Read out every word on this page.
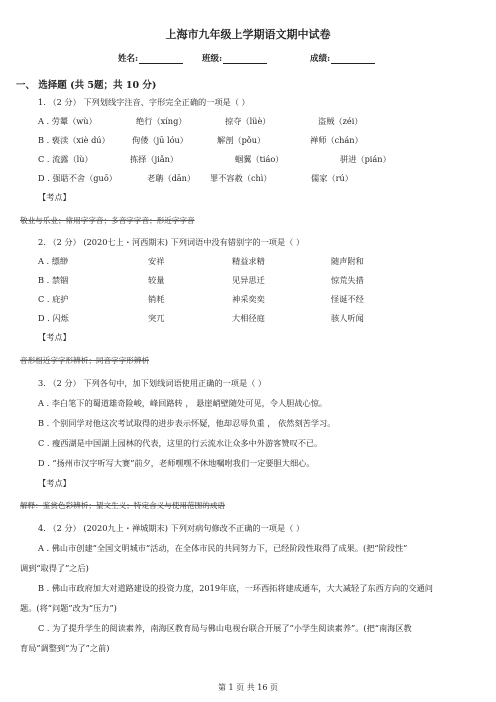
上海市九年级上学期语文期中试卷
姓名:	班级:	成绩:
一、 选择题 (共 5题；共 10 分)
1. （2 分） 下列划线字注音、字形完全正确的一项是（ ）
A . 劳颦（wù）	绝行（xíng）	掠夺（lüè）	盗贼（zéi）
B . 亵渎（xiè dú）	佝偻（jū lóu）	解剖（pǒu）	禅师（chán）
C . 流露（lù）	拣择（jiǎn）	蝈翼（tiáo）	骈进（pián）
D . 强聒不舍（guō）	老聃（dān） 罪不容赦（chì）	儒家（rú）
【考点】
敬业与乐业；常用字字音；多音字字音；形近字字音
2. （2 分） (2020七上・河西期末) 下列词语中没有错别字的一项是（ ）
A . 缥缈	安祥	精益求精	随声附和
B . 禁锢	较量	见异思迁	惊荒失措
C . 庇护	销耗	神采奕奕	怪诞不经
D . 闪烁	突兀	大相径庭	骇人听闻
【考点】
音形相近字字形辨析；同音字字形辨析
3. （2 分） 下列各句中，加下划线词语使用正确的一项是（ ）
A . 李白笔下的蜀道雄奇险峻，峰回路转 ， 悬崖峭壁随处可见，令人胆战心惊。
B . 个别同学对他这次考试取得的进步表示怀疑，他却忍辱负重 ， 依然刻苦学习。
C . 瘦西湖是中国湖上园林的代表，这里的行云流水让众多中外游客赞叹不已。
D . “扬州市汉字听写大赛”前夕，老师嘿嘿不休地嘱咐我们一定要胆大细心。
【考点】
解释：鉴赏色彩辨析；望文生义；特定含义与使用范围的成语
4. （2 分） (2020九上・禅城期末) 下列对病句修改不正确的一项是（ ）
A . 佛山市创建“全国文明城市”活动，在全体市民的共同努力下，已经阶段性取得了成果。(把“阶段性”
调到“取得了”之后)
B . 佛山市政府加大对道路建设的投资力度，2019年底，一环西拓将建成通车，大大减轻了东西方向的交通问
题。(将“问题”改为“压力”)
C . 为了提升学生的阅读素养，南海区教育局与佛山电视台联合开展了“小学生阅读素养”。(把“南海区教
育局”调整到“为了”之前)
第 1 页 共 16 页
